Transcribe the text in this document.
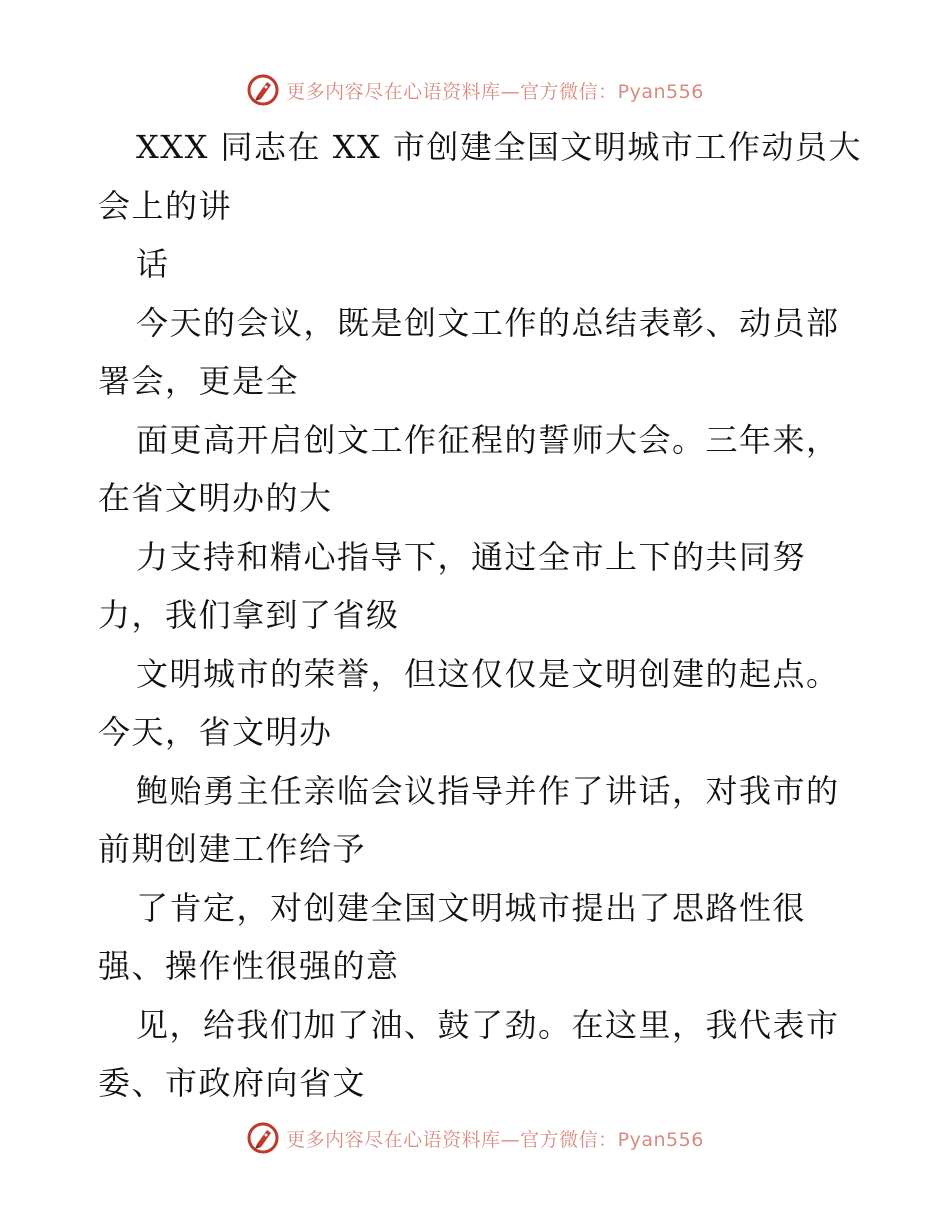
更多内容尽在心语资料库—官方微信：Pyan556
XXX 同志在 XX 市创建全国文明城市工作动员大
会上的讲
话
今天的会议，既是创文工作的总结表彰、动员部
署会，更是全
面更高开启创文工作征程的誓师大会。三年来，
在省文明办的大
力支持和精心指导下，通过全市上下的共同努
力，我们拿到了省级
文明城市的荣誉，但这仅仅是文明创建的起点。
今天，省文明办
鲍贻勇主任亲临会议指导并作了讲话，对我市的
前期创建工作给予
了肯定，对创建全国文明城市提出了思路性很
强、操作性很强的意
见，给我们加了油、鼓了劲。在这里，我代表市
委、市政府向省文
更多内容尽在心语资料库—官方微信：Pyan556
